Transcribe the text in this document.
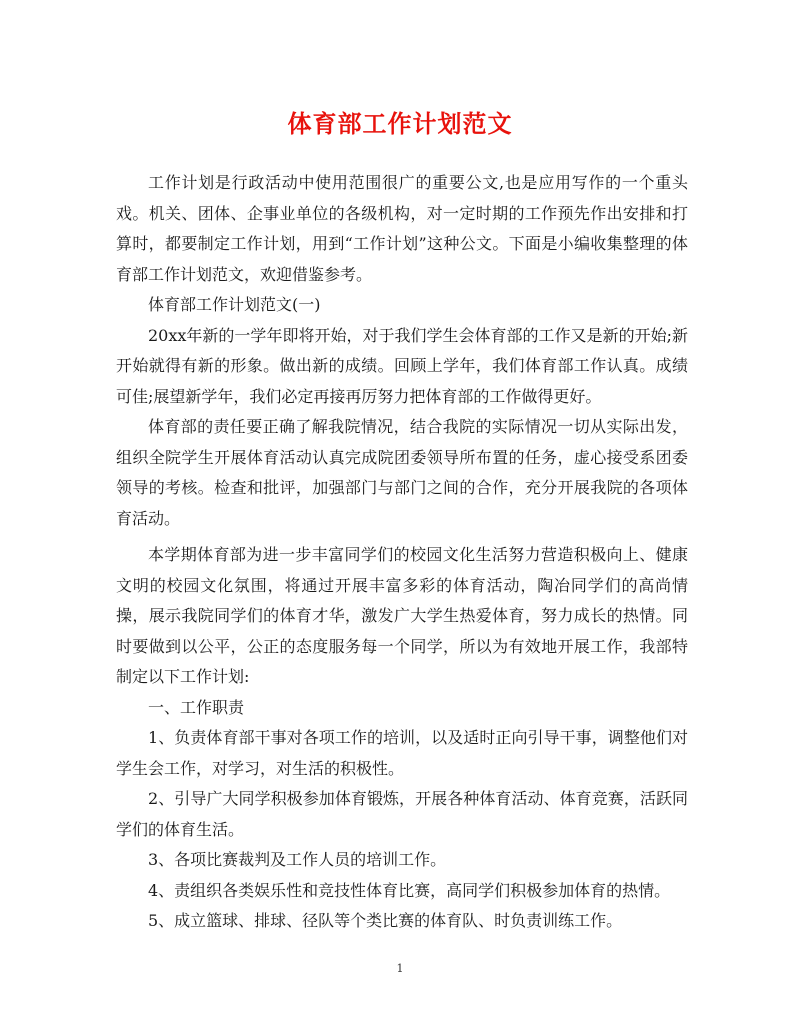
体育部工作计划范文

工作计划是行政活动中使用范围很广的重要公文,也是应用写作的一个重头戏。机关、团体、企事业单位的各级机构，对一定时期的工作预先作出安排和打算时，都要制定工作计划，用到“工作计划”这种公文。下面是小编收集整理的体育部工作计划范文，欢迎借鉴参考。

体育部工作计划范文(一)

20xx年新的一学年即将开始，对于我们学生会体育部的工作又是新的开始;新开始就得有新的形象。做出新的成绩。回顾上学年，我们体育部工作认真。成绩可佳;展望新学年，我们必定再接再厉努力把体育部的工作做得更好。

体育部的责任要正确了解我院情况，结合我院的实际情况一切从实际出发，组织全院学生开展体育活动认真完成院团委领导所布置的任务，虚心接受系团委领导的考核。检查和批评，加强部门与部门之间的合作，充分开展我院的各项体育活动。

本学期体育部为进一步丰富同学们的校园文化生活努力营造积极向上、健康文明的校园文化氛围，将通过开展丰富多彩的体育活动，陶冶同学们的高尚情操，展示我院同学们的体育才华，激发广大学生热爱体育，努力成长的热情。同时要做到以公平，公正的态度服务每一个同学，所以为有效地开展工作，我部特制定以下工作计划:

一、工作职责

1、负责体育部干事对各项工作的培训，以及适时正向引导干事，调整他们对学生会工作，对学习，对生活的积极性。

2、引导广大同学积极参加体育锻炼，开展各种体育活动、体育竞赛，活跃同学们的体育生活。

3、各项比赛裁判及工作人员的培训工作。

4、责组织各类娱乐性和竞技性体育比赛，高同学们积极参加体育的热情。

5、成立篮球、排球、径队等个类比赛的体育队、时负责训练工作。

1
